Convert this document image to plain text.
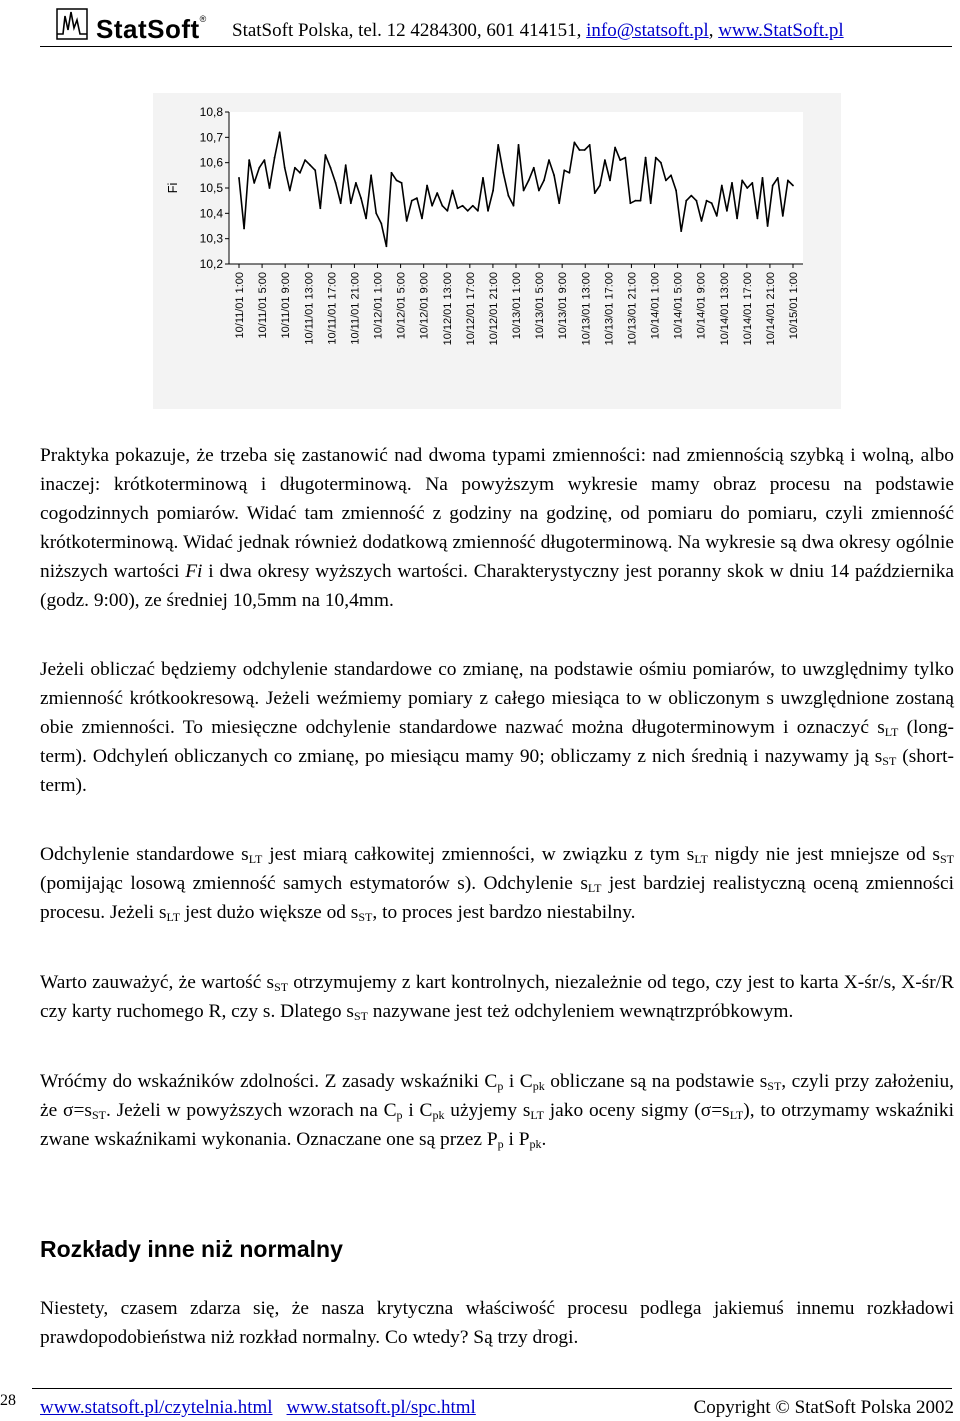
StatSoft®
StatSoft Polska, tel. 12 4284300, 601 414151, info@statsoft.pl, www.StatSoft.pl
10,8
10,7
10,6
10,5
10,4
10,3
10,2
Fi
10/11/01 1:00 10/11/01 5:00 10/11/01 9:00 10/11/01 13:00 10/11/01 17:00 10/11/01 21:00 10/12/01 1:00 10/12/01 5:00 10/12/01 9:00 10/12/01 13:00 10/12/01 17:00 10/12/01 21:00 10/13/01 1:00 10/13/01 5:00 10/13/01 9:00 10/13/01 13:00 10/13/01 17:00 10/13/01 21:00 10/14/01 1:00 10/14/01 5:00 10/14/01 9:00 10/14/01 13:00 10/14/01 17:00 10/14/01 21:00 10/15/01 1:00
Praktyka pokazuje, że trzeba się zastanowić nad dwoma typami zmienności: nad zmiennością szybką i wolną, albo inaczej: krótkoterminową i długoterminową. Na powyższym wykresie mamy obraz procesu na podstawie cogodzinnych pomiarów. Widać tam zmienność z godziny na godzinę, od pomiaru do pomiaru, czyli zmienność krótkoterminową. Widać jednak również dodatkową zmienność długoterminową. Na wykresie są dwa okresy ogólnie niższych wartości Fi i dwa okresy wyższych wartości. Charakterystyczny jest poranny skok w dniu 14 października (godz. 9:00), ze średniej 10,5mm na 10,4mm.
Jeżeli obliczać będziemy odchylenie standardowe co zmianę, na podstawie ośmiu pomiarów, to uwzględnimy tylko zmienność krótkookresową. Jeżeli weźmiemy pomiary z całego miesiąca to w obliczonym s uwzględnione zostaną obie zmienności. To miesięczne odchylenie standardowe nazwać można długoterminowym i oznaczyć $s_{LT}$ (long-term). Odchyleń obliczanych co zmianę, po miesiącu mamy 90; obliczamy z nich średnią i nazywamy ją $s_{ST}$ (short-term).
Odchylenie standardowe $s_{LT}$ jest miarą całkowitej zmienności, w związku z tym $s_{LT}$ nigdy nie jest mniejsze od $s_{ST}$ (pomijając losową zmienność samych estymatorów s). Odchylenie $s_{LT}$ jest bardziej realistyczną oceną zmienności procesu. Jeżeli $s_{LT}$ jest dużo większe od $s_{ST}$, to proces jest bardzo niestabilny.
Warto zauważyć, że wartość $s_{ST}$ otrzymujemy z kart kontrolnych, niezależnie od tego, czy jest to karta X-śr/s, X-śr/R czy karty ruchomego R, czy s. Dlatego $s_{ST}$ nazywane jest też odchyleniem wewnątrzpróbkowym.
Wróćmy do wskaźników zdolności. Z zasady wskaźniki $C_p$ i $C_{pk}$ obliczane są na podstawie $s_{ST}$, czyli przy założeniu, że $\sigma=s_{ST}$. Jeżeli w powyższych wzorach na $C_p$ i $C_{pk}$ użyjemy $s_{LT}$ jako oceny sigmy $(\sigma=s_{LT})$, to otrzymamy wskaźniki zwane wskaźnikami wykonania. Oznaczane one są przez $P_p$ i $P_{pk}$.
Rozkłady inne niż normalny
Niestety, czasem zdarza się, że nasza krytyczna właściwość procesu podlega jakiemuś innemu rozkładowi prawdopodobieństwa niż rozkład normalny. Co wtedy? Są trzy drogi.
28 www.statsoft.pl/czytelnia.html www.statsoft.pl/spc.html	Copyright © StatSoft Polska 2002
